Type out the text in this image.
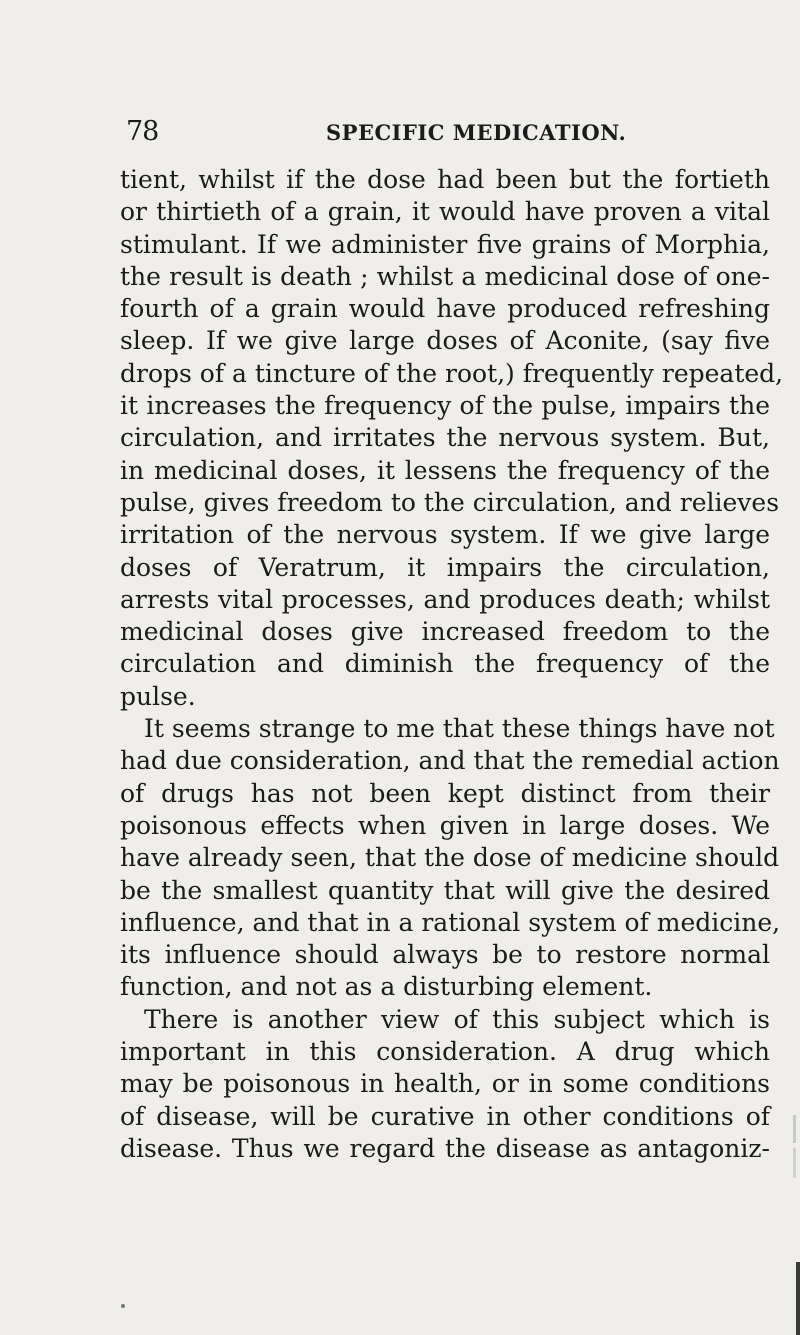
78	SPECIFIC MEDICATION.
tient, whilst if the dose had been but the fortieth
or thirtieth of a grain, it would have proven a vital
stimulant. If we administer five grains of Morphia,
the result is death ; whilst a medicinal dose of one-
fourth of a grain would have produced refreshing
sleep. If we give large doses of Aconite, (say five
drops of a tincture of the root,) frequently repeated,
it increases the frequency of the pulse, impairs the
circulation, and irritates the nervous system. But,
in medicinal doses, it lessens the frequency of the
pulse, gives freedom to the circulation, and relieves
irritation of the nervous system. If we give large
doses of Veratrum, it impairs the circulation,
arrests vital processes, and produces death; whilst
medicinal doses give increased freedom to the
circulation and diminish the frequency of the
pulse.
It seems strange to me that these things have not
had due consideration, and that the remedial action
of drugs has not been kept distinct from their
poisonous effects when given in large doses. We
have already seen, that the dose of medicine should
be the smallest quantity that will give the desired
influence, and that in a rational system of medicine,
its influence should always be to restore normal
function, and not as a disturbing element.
There is another view of this subject which is
important in this consideration. A drug which
may be poisonous in health, or in some conditions
of disease, will be curative in other conditions of
disease. Thus we regard the disease as antagoniz-
